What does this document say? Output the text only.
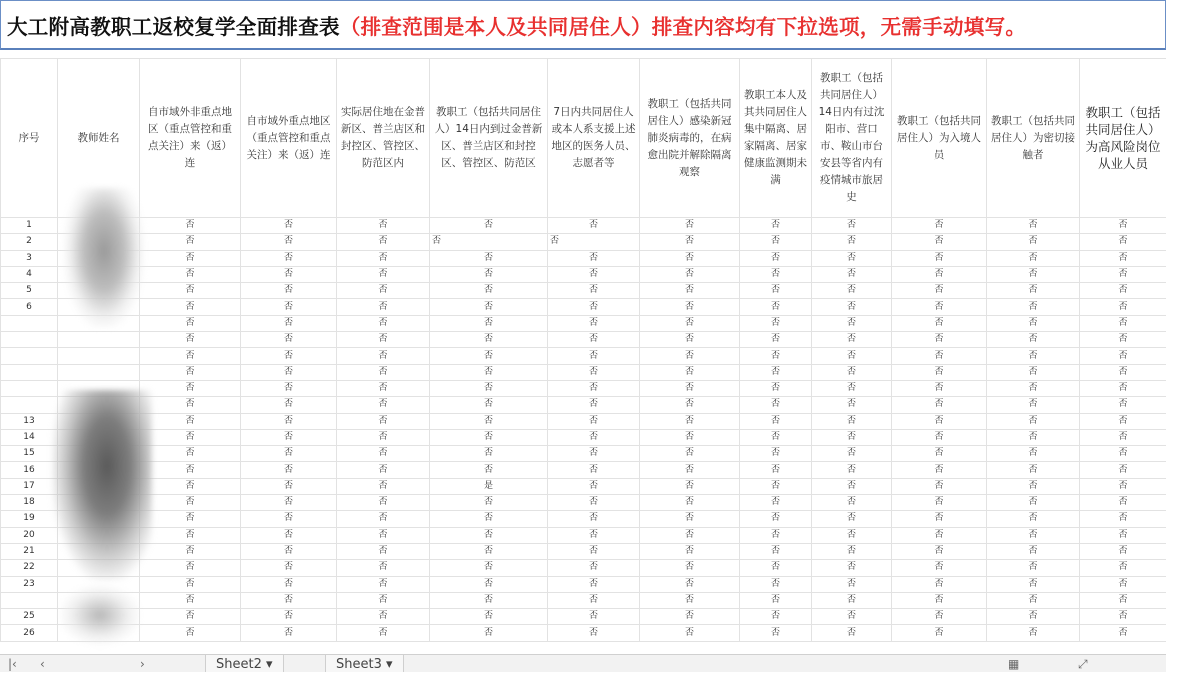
大工附高教职工返校复学全面排查表（排查范围是本人及共同居住人）排查内容均有下拉选项，无需手动填写。
序号	教师姓名	自市域外非重点地区（重点管控和重点关注）来（返）连	自市域外重点地区（重点管控和重点关注）来（返）连	实际居住地在金普新区、普兰店区和封控区、管控区、防范区内	教职工（包括共同居住人）14日内到过金普新区、普兰店区和封控区、管控区、防范区	7日内共同居住人或本人系支援上述地区的医务人员、志愿者等	教职工（包括共同居住人）感染新冠肺炎病毒的，在病愈出院并解除隔离观察	教职工本人及其共同居住人集中隔离、居家隔离、居家健康监测期未满	教职工（包括共同居住人）14日内有过沈阳市、营口市、鞍山市台安县等省内有疫情城市旅居史	教职工（包括共同居住人）为入境人员	教职工（包括共同居住人）为密切接触者	教职工（包括共同居住人）为高风险岗位从业人员
1		否	否	否	否	否	否	否	否	否	否	否
2		否	否	否	否	否	否	否	否	否	否	否
3		否	否	否	否	否	否	否	否	否	否	否
4		否	否	否	否	否	否	否	否	否	否	否
5		否	否	否	否	否	否	否	否	否	否	否
6		否	否	否	否	否	否	否	否	否	否	否
		否	否	否	否	否	否	否	否	否	否	否
		否	否	否	否	否	否	否	否	否	否	否
		否	否	否	否	否	否	否	否	否	否	否
		否	否	否	否	否	否	否	否	否	否	否
		否	否	否	否	否	否	否	否	否	否	否
		否	否	否	否	否	否	否	否	否	否	否
13		否	否	否	否	否	否	否	否	否	否	否
14		否	否	否	否	否	否	否	否	否	否	否
15		否	否	否	否	否	否	否	否	否	否	否
16		否	否	否	否	否	否	否	否	否	否	否
17		否	否	否	是	否	否	否	否	否	否	否
18		否	否	否	否	否	否	否	否	否	否	否
19		否	否	否	否	否	否	否	否	否	否	否
20		否	否	否	否	否	否	否	否	否	否	否
21		否	否	否	否	否	否	否	否	否	否	否
22		否	否	否	否	否	否	否	否	否	否	否
23		否	否	否	否	否	否	否	否	否	否	否
		否	否	否	否	否	否	否	否	否	否	否
25		否	否	否	否	否	否	否	否	否	否	否
26		否	否	否	否	否	否	否	否	否	否	否
|‹ ‹	›	Sheet2 ▾	Sheet3 ▾	▦	⤢
